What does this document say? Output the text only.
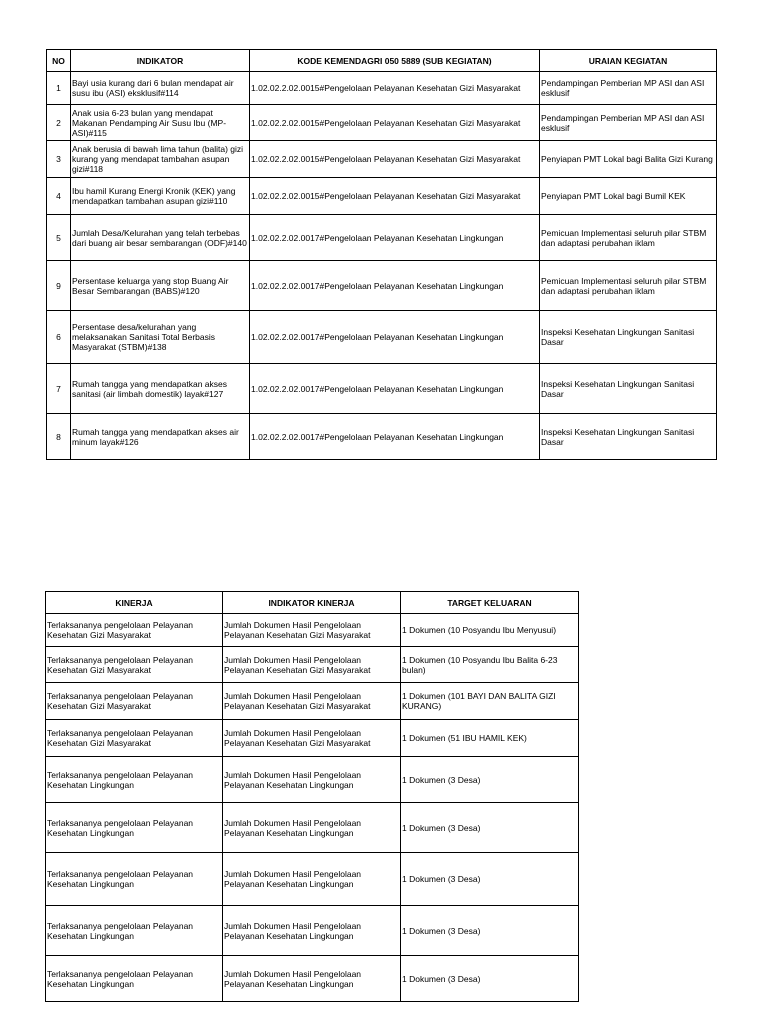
NO	INDIKATOR	KODE KEMENDAGRI 050 5889 (SUB KEGIATAN)	URAIAN KEGIATAN
1	Bayi usia kurang dari 6 bulan mendapat air susu ibu (ASI) eksklusif#114	1.02.02.2.02.0015#Pengelolaan Pelayanan Kesehatan Gizi Masyarakat	Pendampingan Pemberian MP ASI dan ASI esklusif
2	Anak usia 6-23 bulan yang mendapat Makanan Pendamping Air Susu Ibu (MP-ASI)#115	1.02.02.2.02.0015#Pengelolaan Pelayanan Kesehatan Gizi Masyarakat	Pendampingan Pemberian MP ASI dan ASI esklusif
3	Anak berusia di bawah lima tahun (balita) gizi kurang yang mendapat tambahan asupan gizi#118	1.02.02.2.02.0015#Pengelolaan Pelayanan Kesehatan Gizi Masyarakat	Penyiapan PMT Lokal bagi Balita Gizi Kurang
4	Ibu hamil Kurang Energi Kronik (KEK) yang mendapatkan tambahan asupan gizi#110	1.02.02.2.02.0015#Pengelolaan Pelayanan Kesehatan Gizi Masyarakat	Penyiapan PMT Lokal bagi Bumil KEK
5	Jumlah Desa/Kelurahan yang telah terbebas dari buang air besar sembarangan (ODF)#140	1.02.02.2.02.0017#Pengelolaan Pelayanan Kesehatan Lingkungan	Pemicuan Implementasi seluruh pilar STBM dan adaptasi perubahan iklam
9	Persentase keluarga yang stop Buang Air Besar Sembarangan (BABS)#120	1.02.02.2.02.0017#Pengelolaan Pelayanan Kesehatan Lingkungan	Pemicuan Implementasi seluruh pilar STBM dan adaptasi perubahan iklam
6	Persentase desa/kelurahan yang melaksanakan Sanitasi Total Berbasis Masyarakat (STBM)#138	1.02.02.2.02.0017#Pengelolaan Pelayanan Kesehatan Lingkungan	Inspeksi Kesehatan Lingkungan Sanitasi Dasar
7	Rumah tangga yang mendapatkan akses sanitasi (air limbah domestik) layak#127	1.02.02.2.02.0017#Pengelolaan Pelayanan Kesehatan Lingkungan	Inspeksi Kesehatan Lingkungan Sanitasi Dasar
8	Rumah tangga yang mendapatkan akses air minum layak#126	1.02.02.2.02.0017#Pengelolaan Pelayanan Kesehatan Lingkungan	Inspeksi Kesehatan Lingkungan Sanitasi Dasar
KINERJA	INDIKATOR KINERJA	TARGET KELUARAN
Terlaksananya pengelolaan Pelayanan Kesehatan Gizi Masyarakat	Jumlah Dokumen Hasil Pengelolaan Pelayanan Kesehatan Gizi Masyarakat	1 Dokumen (10 Posyandu Ibu Menyusui)
Terlaksananya pengelolaan Pelayanan Kesehatan Gizi Masyarakat	Jumlah Dokumen Hasil Pengelolaan Pelayanan Kesehatan Gizi Masyarakat	1 Dokumen (10 Posyandu Ibu Balita 6-23 bulan)
Terlaksananya pengelolaan Pelayanan Kesehatan Gizi Masyarakat	Jumlah Dokumen Hasil Pengelolaan Pelayanan Kesehatan Gizi Masyarakat	1 Dokumen (101 BAYI DAN BALITA GIZI KURANG)
Terlaksananya pengelolaan Pelayanan Kesehatan Gizi Masyarakat	Jumlah Dokumen Hasil Pengelolaan Pelayanan Kesehatan Gizi Masyarakat	1 Dokumen (51 IBU HAMIL KEK)
Terlaksananya pengelolaan Pelayanan Kesehatan Lingkungan	Jumlah Dokumen Hasil Pengelolaan Pelayanan Kesehatan Lingkungan	1 Dokumen (3 Desa)
Terlaksananya pengelolaan Pelayanan Kesehatan Lingkungan	Jumlah Dokumen Hasil Pengelolaan Pelayanan Kesehatan Lingkungan	1 Dokumen (3 Desa)
Terlaksananya pengelolaan Pelayanan Kesehatan Lingkungan	Jumlah Dokumen Hasil Pengelolaan Pelayanan Kesehatan Lingkungan	1 Dokumen (3 Desa)
Terlaksananya pengelolaan Pelayanan Kesehatan Lingkungan	Jumlah Dokumen Hasil Pengelolaan Pelayanan Kesehatan Lingkungan	1 Dokumen (3 Desa)
Terlaksananya pengelolaan Pelayanan Kesehatan Lingkungan	Jumlah Dokumen Hasil Pengelolaan Pelayanan Kesehatan Lingkungan	1 Dokumen (3 Desa)
